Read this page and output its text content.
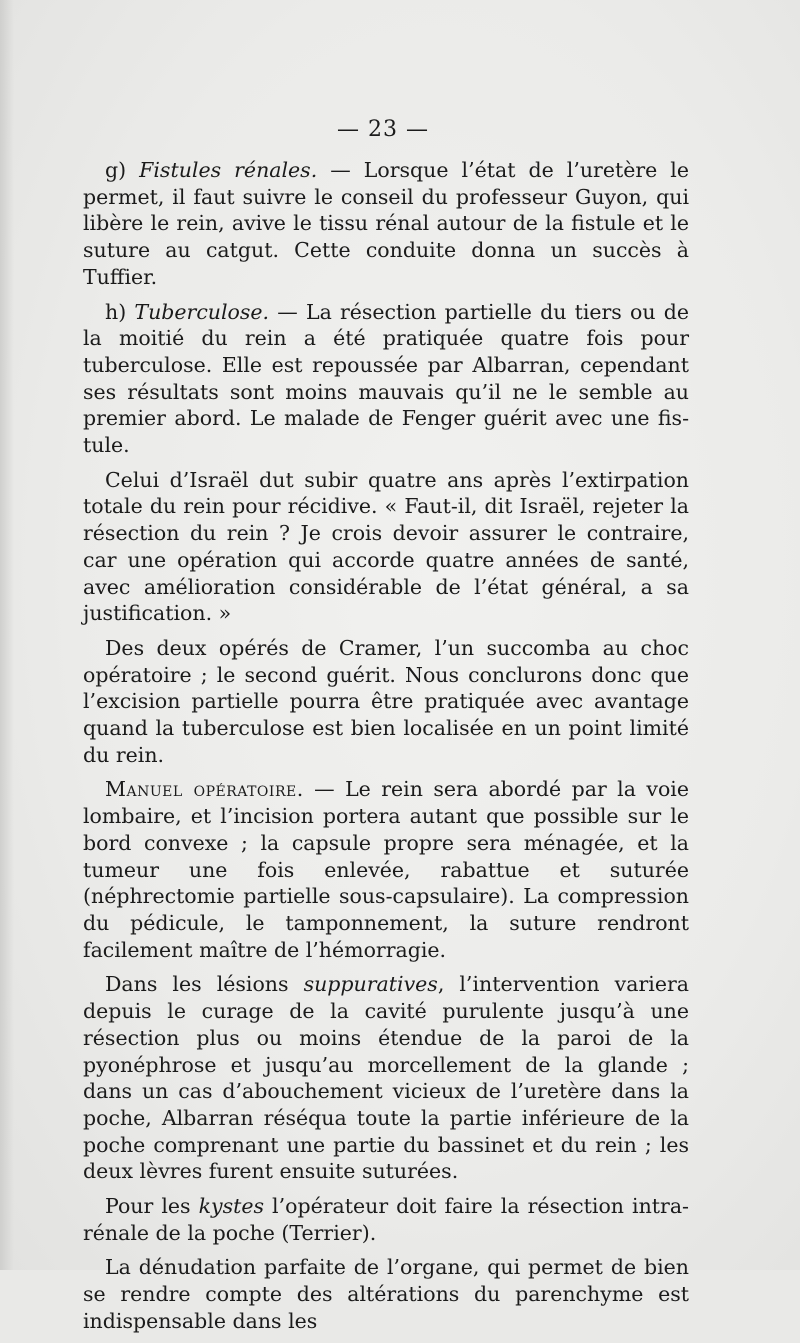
— 23 —

g) Fistules rénales. — Lorsque l’état de l’uretère le permet, il faut suivre le conseil du professeur Guyon, qui libère le rein, avive le tissu rénal autour de la fistule et le suture au catgut. Cette conduite donna un succès à Tuffier.

h) Tuberculose. — La résection partielle du tiers ou de la moitié du rein a été pratiquée quatre fois pour tuberculose. Elle est repoussée par Albarran, cependant ses résultats sont moins mauvais qu’il ne le semble au premier abord. Le malade de Fenger guérit avec une fistule.

Celui d’Israël dut subir quatre ans après l’extirpation totale du rein pour récidive. « Faut-il, dit Israël, rejeter la résection du rein ? Je crois devoir assurer le contraire, car une opération qui accorde quatre années de santé, avec amélioration considérable de l’état général, a sa justification. »

Des deux opérés de Cramer, l’un succomba au choc opératoire ; le second guérit. Nous conclurons donc que l’excision partielle pourra être pratiquée avec avantage quand la tuberculose est bien localisée en un point limité du rein.

Manuel opératoire. — Le rein sera abordé par la voie lombaire, et l’incision portera autant que possible sur le bord convexe ; la capsule propre sera ménagée, et la tumeur une fois enlevée, rabattue et suturée (néphrectomie partielle sous-capsulaire). La compression du pédicule, le tamponnement, la suture rendront facilement maître de l’hémorragie.

Dans les lésions suppuratives, l’intervention variera depuis le curage de la cavité purulente jusqu’à une résection plus ou moins étendue de la paroi de la pyonéphrose et jusqu’au morcellement de la glande ; dans un cas d’abouchement vicieux de l’uretère dans la poche, Albarran réséqua toute la partie inférieure de la poche comprenant une partie du bassinet et du rein ; les deux lèvres furent ensuite suturées.

Pour les kystes l’opérateur doit faire la résection intra-rénale de la poche (Terrier).

La dénudation parfaite de l’organe, qui permet de bien se rendre compte des altérations du parenchyme est indispensable dans les
